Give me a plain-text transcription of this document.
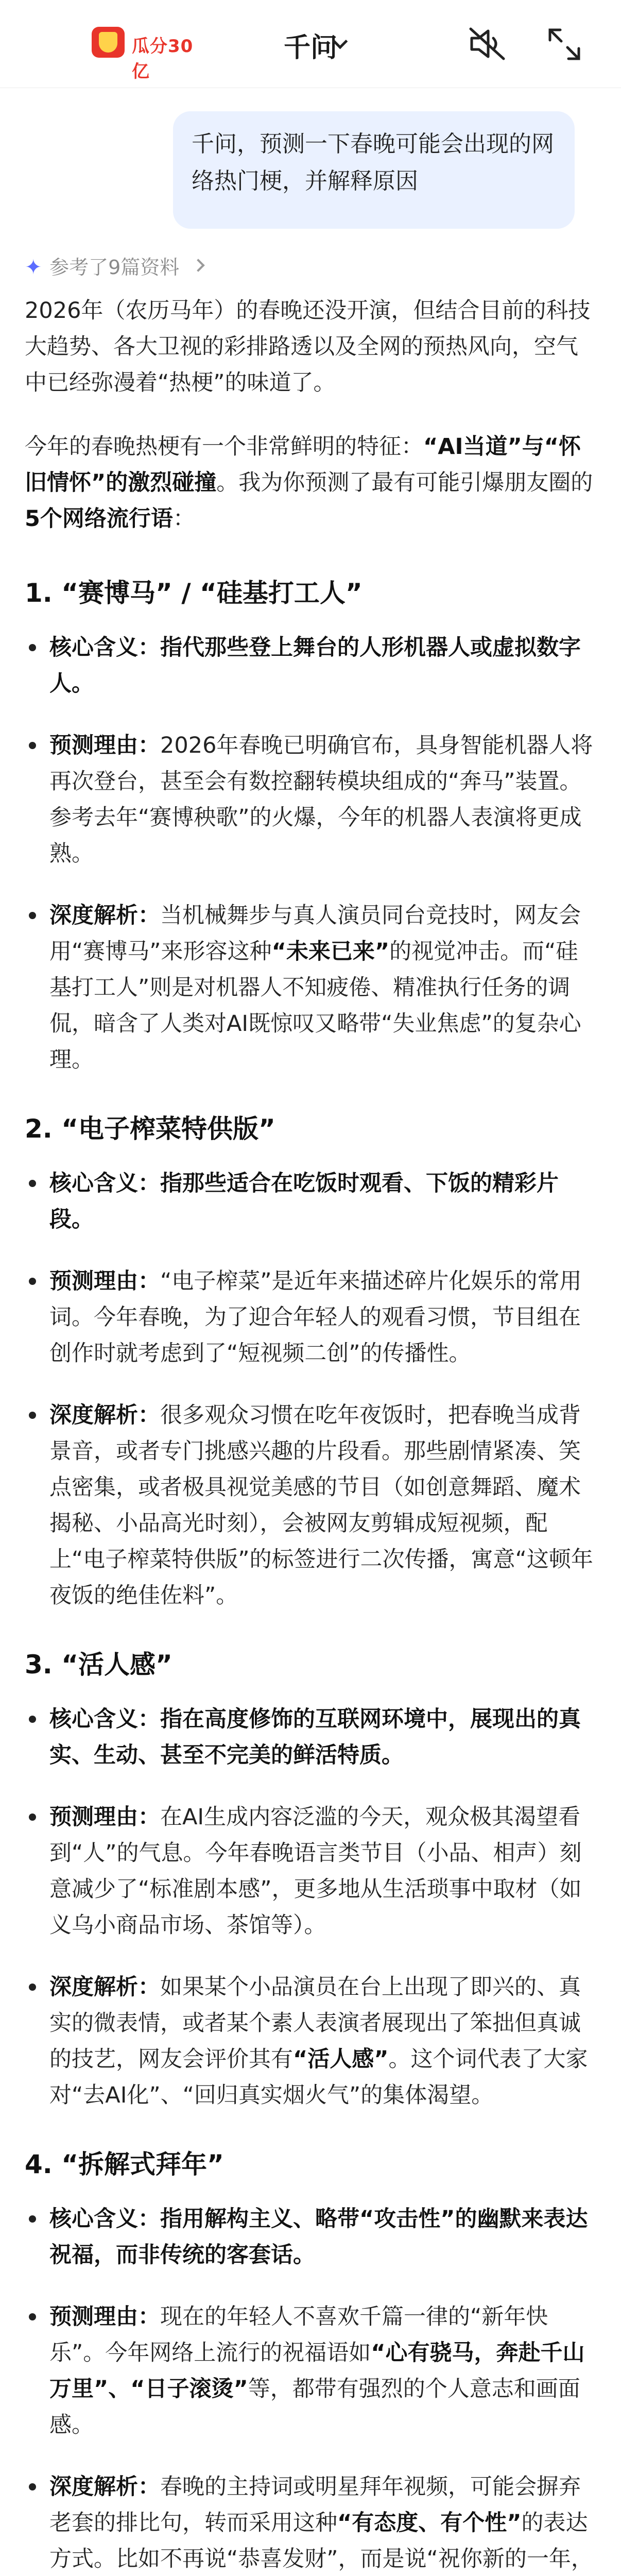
瓜分30亿
千问
千问，预测一下春晚可能会出现的网络热门梗，并解释原因
✦ 参考了9篇资料

2026年（农历马年）的春晚还没开演，但结合目前的科技大趋势、各大卫视的彩排路透以及全网的预热风向，空气中已经弥漫着“热梗”的味道了。

今年的春晚热梗有一个非常鲜明的特征：“AI当道”与“怀旧情怀”的激烈碰撞。我为你预测了最有可能引爆朋友圈的5个网络流行语：

1. “赛博马” / “硅基打工人”
核心含义：指代那些登上舞台的人形机器人或虚拟数字人。
预测理由：2026年春晚已明确官布，具身智能机器人将再次登台，甚至会有数控翻转模块组成的“奔马”装置。参考去年“赛博秧歌”的火爆，今年的机器人表演将更成熟。
深度解析：当机械舞步与真人演员同台竞技时，网友会用“赛博马”来形容这种“未来已来”的视觉冲击。而“硅基打工人”则是对机器人不知疲倦、精准执行任务的调侃，暗含了人类对AI既惊叹又略带“失业焦虑”的复杂心理。
2. “电子榨菜特供版”
核心含义：指那些适合在吃饭时观看、下饭的精彩片段。
预测理由：“电子榨菜”是近年来描述碎片化娱乐的常用词。今年春晚，为了迎合年轻人的观看习惯，节目组在创作时就考虑到了“短视频二创”的传播性。
深度解析：很多观众习惯在吃年夜饭时，把春晚当成背景音，或者专门挑感兴趣的片段看。那些剧情紧凑、笑点密集，或者极具视觉美感的节目（如创意舞蹈、魔术揭秘、小品高光时刻），会被网友剪辑成短视频，配上“电子榨菜特供版”的标签进行二次传播，寓意“这顿年夜饭的绝佳佐料”。
3. “活人感”
核心含义：指在高度修饰的互联网环境中，展现出的真实、生动、甚至不完美的鲜活特质。
预测理由：在AI生成内容泛滥的今天，观众极其渴望看到“人”的气息。今年春晚语言类节目（小品、相声）刻意减少了“标准剧本感”，更多地从生活琐事中取材（如义乌小商品市场、茶馆等）。
深度解析：如果某个小品演员在台上出现了即兴的、真实的微表情，或者某个素人表演者展现出了笨拙但真诚的技艺，网友会评价其有“活人感”。这个词代表了大家对“去AI化”、“回归真实烟火气”的集体渴望。
4. “拆解式拜年”
核心含义：指用解构主义、略带“攻击性”的幽默来表达祝福，而非传统的客套话。
预测理由：现在的年轻人不喜欢千篇一律的“新年快乐”。今年网络上流行的祝福语如“心有骁马，奔赴千山万里”、“日子滚烫”等，都带有强烈的个人意志和画面感。
深度解析：春晚的主持词或明星拜年视频，可能会摒弃老套的排比句，转而采用这种“有态度、有个性”的表达方式。比如不再说“恭喜发财”，而是说“祝你新的一年，
